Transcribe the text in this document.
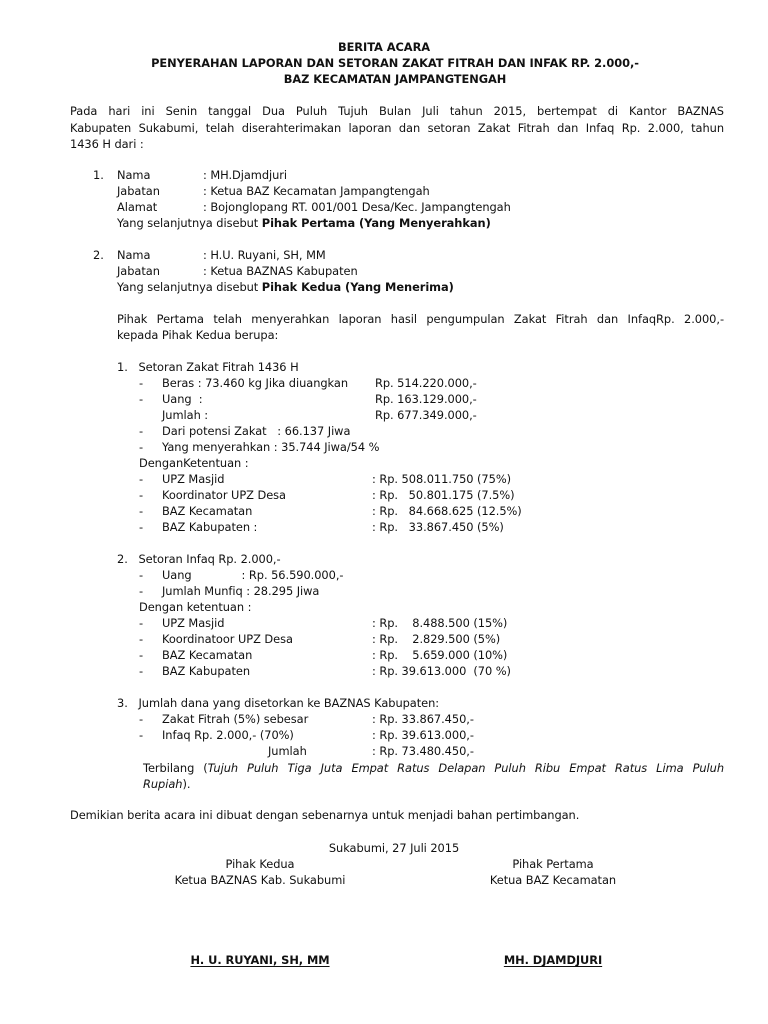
BERITA ACARA
PENYERAHAN LAPORAN DAN SETORAN ZAKAT FITRAH DAN INFAK RP. 2.000,-
BAZ KECAMATAN JAMPANGTENGAH
Pada hari ini Senin tanggal Dua Puluh Tujuh Bulan Juli tahun 2015, bertempat di Kantor BAZNAS
Kabupaten Sukabumi, telah diserahterimakan laporan dan setoran Zakat Fitrah dan Infaq Rp. 2.000, tahun
1436 H dari :
1. Nama	: MH.Djamdjuri
Jabatan	: Ketua BAZ Kecamatan Jampangtengah
Alamat	: Bojonglopang RT. 001/001 Desa/Kec. Jampangtengah
Yang selanjutnya disebut Pihak Pertama (Yang Menyerahkan)
2. Nama	: H.U. Ruyani, SH, MM
Jabatan	: Ketua BAZNAS Kabupaten
Yang selanjutnya disebut Pihak Kedua (Yang Menerima)
Pihak Pertama telah menyerahkan laporan hasil pengumpulan Zakat Fitrah dan InfaqRp. 2.000,-
kepada Pihak Kedua berupa:
1.   Setoran Zakat Fitrah 1436 H
- Beras : 73.460 kg Jika diuangkan Rp. 514.220.000,-
- Uang  :	Rp. 163.129.000,-
Jumlah :	Rp. 677.349.000,-
- Dari potensi Zakat   : 66.137 Jiwa
- Yang menyerahkan : 35.744 Jiwa/54 %
DenganKetentuan :
- UPZ Masjid	: Rp. 508.011.750 (75%)
- Koordinator UPZ Desa	: Rp.   50.801.175 (7.5%)
- BAZ Kecamatan	: Rp.   84.668.625 (12.5%)
- BAZ Kabupaten :	: Rp.   33.867.450 (5%)
2.   Setoran Infaq Rp. 2.000,-
- Uang              : Rp. 56.590.000,-
- Jumlah Munfiq : 28.295 Jiwa
Dengan ketentuan :
- UPZ Masjid	: Rp.    8.488.500 (15%)
- Koordinatoor UPZ Desa	: Rp.    2.829.500 (5%)
- BAZ Kecamatan	: Rp.    5.659.000 (10%)
- BAZ Kabupaten	: Rp. 39.613.000  (70 %)
3.   Jumlah dana yang disetorkan ke BAZNAS Kabupaten:
- Zakat Fitrah (5%) sebesar	: Rp. 33.867.450,-
- Infaq Rp. 2.000,- (70%)	: Rp. 39.613.000,-
Jumlah	: Rp. 73.480.450,-
Terbilang (Tujuh Puluh Tiga Juta Empat Ratus Delapan Puluh Ribu Empat Ratus Lima Puluh
Rupiah).
Demikian berita acara ini dibuat dengan sebenarnya untuk menjadi bahan pertimbangan.
Sukabumi, 27 Juli 2015
Pihak Kedua
Ketua BAZNAS Kab. Sukabumi
Pihak Pertama
Ketua BAZ Kecamatan
H. U. RUYANI, SH, MM	MH. DJAMDJURI
